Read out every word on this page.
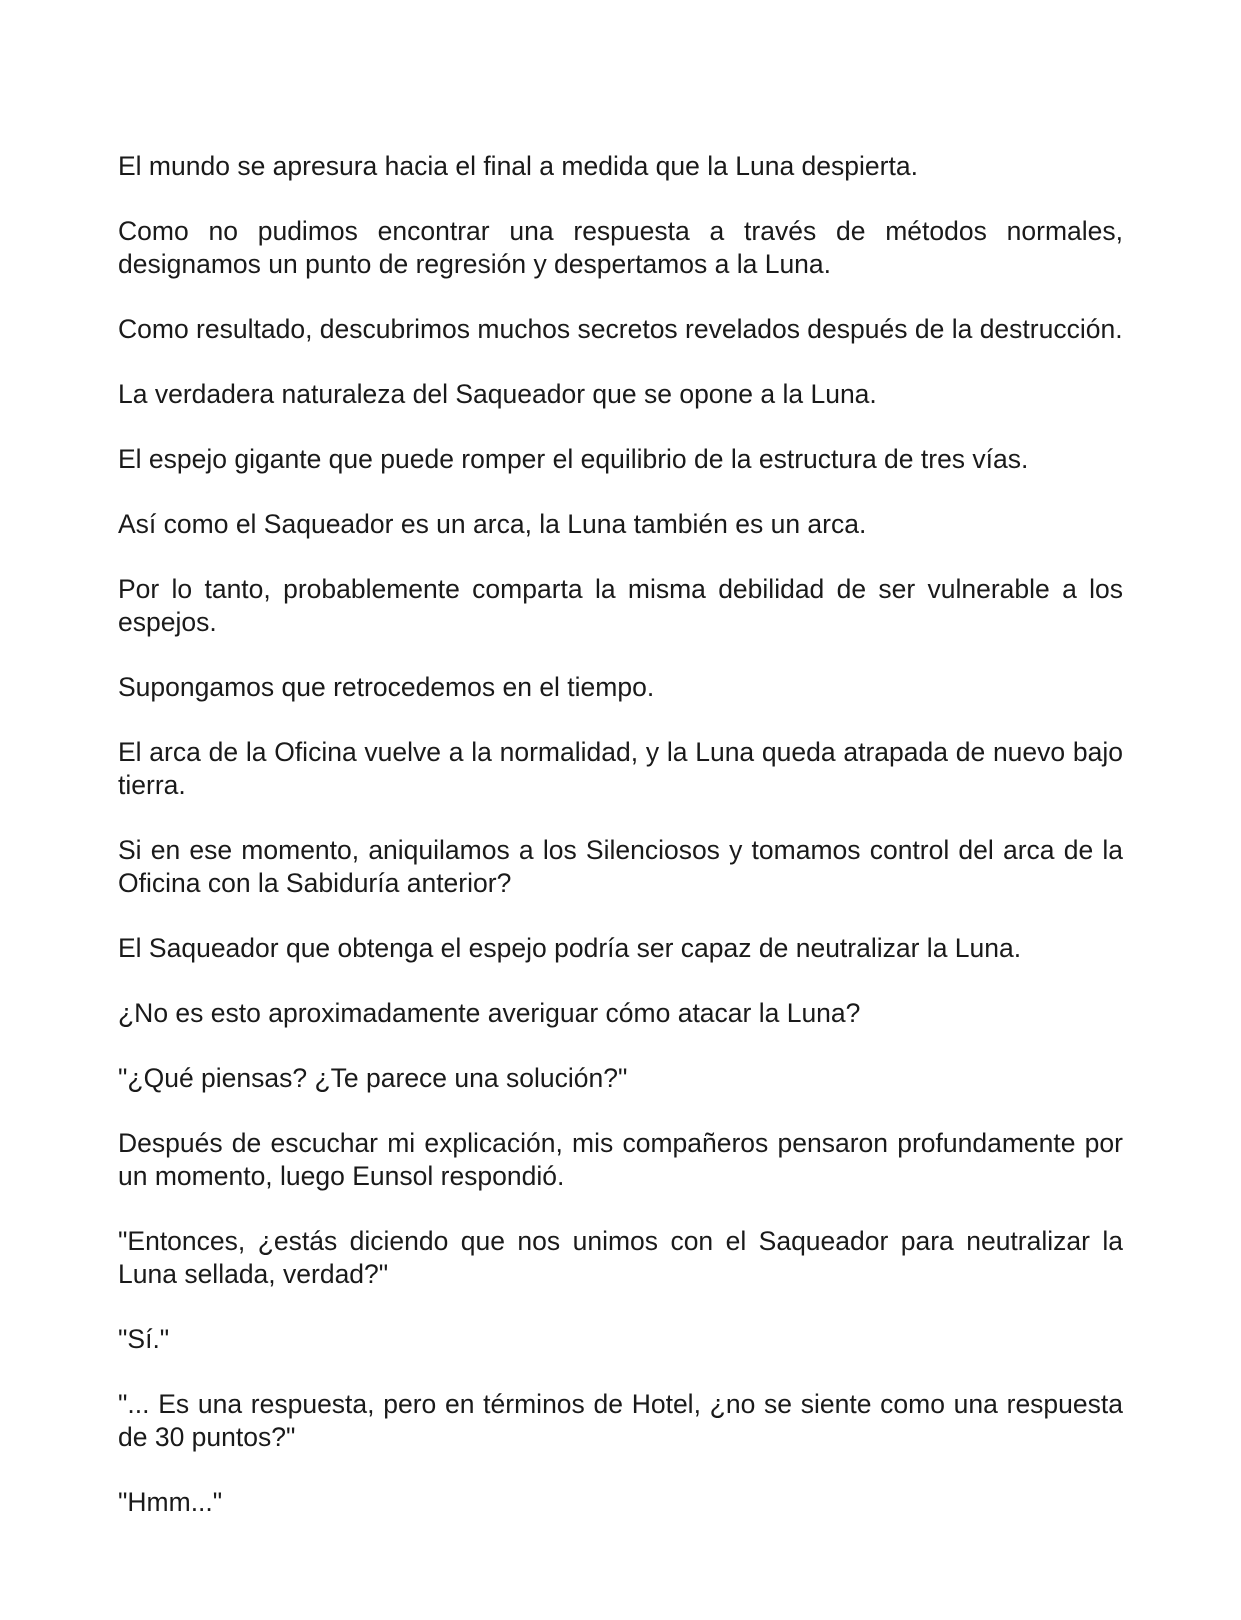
El mundo se apresura hacia el final a medida que la Luna despierta.

Como no pudimos encontrar una respuesta a través de métodos normales, designamos un punto de regresión y despertamos a la Luna.

Como resultado, descubrimos muchos secretos revelados después de la destrucción.

La verdadera naturaleza del Saqueador que se opone a la Luna.

El espejo gigante que puede romper el equilibrio de la estructura de tres vías.

Así como el Saqueador es un arca, la Luna también es un arca.

Por lo tanto, probablemente comparta la misma debilidad de ser vulnerable a los espejos.

Supongamos que retrocedemos en el tiempo.

El arca de la Oficina vuelve a la normalidad, y la Luna queda atrapada de nuevo bajo tierra.

Si en ese momento, aniquilamos a los Silenciosos y tomamos control del arca de la Oficina con la Sabiduría anterior?

El Saqueador que obtenga el espejo podría ser capaz de neutralizar la Luna.

¿No es esto aproximadamente averiguar cómo atacar la Luna?

"¿Qué piensas? ¿Te parece una solución?"

Después de escuchar mi explicación, mis compañeros pensaron profundamente por un momento, luego Eunsol respondió.

"Entonces, ¿estás diciendo que nos unimos con el Saqueador para neutralizar la Luna sellada, verdad?"

"Sí."

"... Es una respuesta, pero en términos de Hotel, ¿no se siente como una respuesta de 30 puntos?"

"Hmm..."
